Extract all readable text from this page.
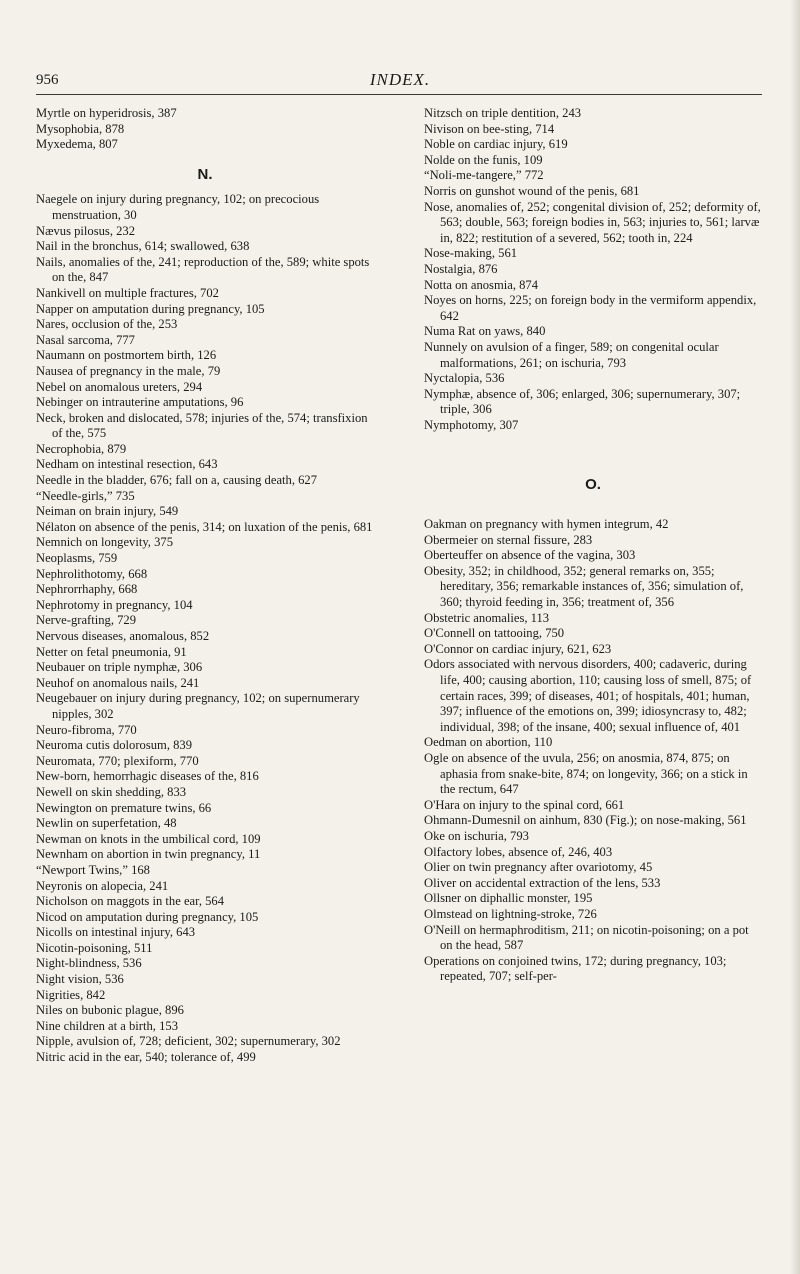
956	INDEX.
Myrtle on hyperidrosis, 387
Mysophobia, 878
Myxedema, 807
N.
Naegele on injury during pregnancy, 102; on precocious menstruation, 30
Nævus pilosus, 232
Nail in the bronchus, 614; swallowed, 638
Nails, anomalies of the, 241; reproduction of the, 589; white spots on the, 847
Nankivell on multiple fractures, 702
Napper on amputation during pregnancy, 105
Nares, occlusion of the, 253
Nasal sarcoma, 777
Naumann on postmortem birth, 126
Nausea of pregnancy in the male, 79
Nebel on anomalous ureters, 294
Nebinger on intrauterine amputations, 96
Neck, broken and dislocated, 578; injuries of the, 574; transfixion of the, 575
Necrophobia, 879
Nedham on intestinal resection, 643
Needle in the bladder, 676; fall on a, causing death, 627
“Needle-girls,” 735
Neiman on brain injury, 549
Nélaton on absence of the penis, 314; on luxation of the penis, 681
Nemnich on longevity, 375
Neoplasms, 759
Nephrolithotomy, 668
Nephrorrhaphy, 668
Nephrotomy in pregnancy, 104
Nerve-grafting, 729
Nervous diseases, anomalous, 852
Netter on fetal pneumonia, 91
Neubauer on triple nymphæ, 306
Neuhof on anomalous nails, 241
Neugebauer on injury during pregnancy, 102; on supernumerary nipples, 302
Neuro-fibroma, 770
Neuroma cutis dolorosum, 839
Neuromata, 770; plexiform, 770
New-born, hemorrhagic diseases of the, 816
Newell on skin shedding, 833
Newington on premature twins, 66
Newlin on superfetation, 48
Newman on knots in the umbilical cord, 109
Newnham on abortion in twin pregnancy, 11
“Newport Twins,” 168
Neyronis on alopecia, 241
Nicholson on maggots in the ear, 564
Nicod on amputation during pregnancy, 105
Nicolls on intestinal injury, 643
Nicotin-poisoning, 511
Night-blindness, 536
Night vision, 536
Nigrities, 842
Niles on bubonic plague, 896
Nine children at a birth, 153
Nipple, avulsion of, 728; deficient, 302; supernumerary, 302
Nitric acid in the ear, 540; tolerance of, 499
Nitzsch on triple dentition, 243
Nivison on bee-sting, 714
Noble on cardiac injury, 619
Nolde on the funis, 109
“Noli-me-tangere,” 772
Norris on gunshot wound of the penis, 681
Nose, anomalies of, 252; congenital division of, 252; deformity of, 563; double, 563; foreign bodies in, 563; injuries to, 561; larvæ in, 822; restitution of a severed, 562; tooth in, 224
Nose-making, 561
Nostalgia, 876
Notta on anosmia, 874
Noyes on horns, 225; on foreign body in the vermiform appendix, 642
Numa Rat on yaws, 840
Nunnely on avulsion of a finger, 589; on congenital ocular malformations, 261; on ischuria, 793
Nyctalopia, 536
Nymphæ, absence of, 306; enlarged, 306; supernumerary, 307; triple, 306
Nymphotomy, 307
O.
Oakman on pregnancy with hymen integrum, 42
Obermeier on sternal fissure, 283
Oberteuffer on absence of the vagina, 303
Obesity, 352; in childhood, 352; general remarks on, 355; hereditary, 356; remarkable instances of, 356; simulation of, 360; thyroid feeding in, 356; treatment of, 356
Obstetric anomalies, 113
O'Connell on tattooing, 750
O'Connor on cardiac injury, 621, 623
Odors associated with nervous disorders, 400; cadaveric, during life, 400; causing abortion, 110; causing loss of smell, 875; of certain races, 399; of diseases, 401; of hospitals, 401; human, 397; influence of the emotions on, 399; idiosyncrasy to, 482; individual, 398; of the insane, 400; sexual influence of, 401
Oedman on abortion, 110
Ogle on absence of the uvula, 256; on anosmia, 874, 875; on aphasia from snake-bite, 874; on longevity, 366; on a stick in the rectum, 647
O'Hara on injury to the spinal cord, 661
Ohmann-Dumesnil on ainhum, 830 (Fig.); on nose-making, 561
Oke on ischuria, 793
Olfactory lobes, absence of, 246, 403
Olier on twin pregnancy after ovariotomy, 45
Oliver on accidental extraction of the lens, 533
Ollsner on diphallic monster, 195
Olmstead on lightning-stroke, 726
O'Neill on hermaphroditism, 211; on nicotin-poisoning; on a pot on the head, 587
Operations on conjoined twins, 172; during pregnancy, 103; repeated, 707; self-per-
